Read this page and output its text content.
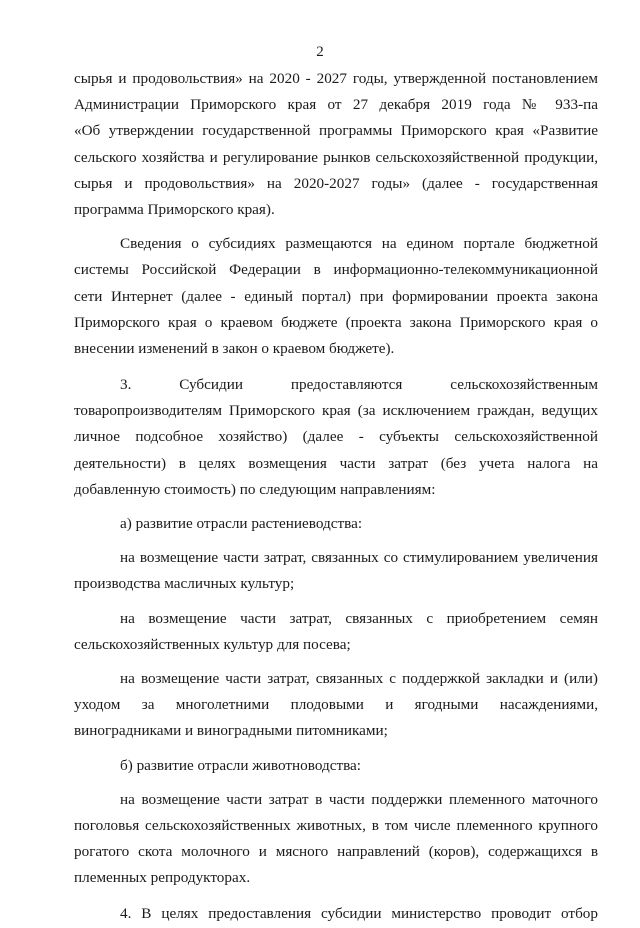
2
сырья и продовольствия» на 2020 - 2027 годы, утвержденной постановлением
Администрации Приморского края от 27 декабря 2019 года № 933-па
«Об утверждении государственной программы Приморского края «Развитие
сельского хозяйства и регулирование рынков сельскохозяйственной продукции,
сырья и продовольствия» на 2020-2027 годы» (далее - государственная
программа Приморского края).
Сведения о субсидиях размещаются на едином портале бюджетной
системы Российской Федерации в информационно-телекоммуникационной
сети Интернет (далее - единый портал) при формировании проекта закона
Приморского края о краевом бюджете (проекта закона Приморского края о
внесении изменений в закон о краевом бюджете).
3. Субсидии предоставляются сельскохозяйственным
товаропроизводителям Приморского края (за исключением граждан, ведущих
личное подсобное хозяйство) (далее - субъекты сельскохозяйственной
деятельности) в целях возмещения части затрат (без учета налога на
добавленную стоимость) по следующим направлениям:
а) развитие отрасли растениеводства:
на возмещение части затрат, связанных со стимулированием увеличения
производства масличных культур;
на возмещение части затрат, связанных с приобретением семян
сельскохозяйственных культур для посева;
на возмещение части затрат, связанных с поддержкой закладки и (или)
уходом за многолетними плодовыми и ягодными насаждениями,
виноградниками и виноградными питомниками;
б) развитие отрасли животноводства:
на возмещение части затрат в части поддержки племенного маточного
поголовья сельскохозяйственных животных, в том числе племенного крупного
рогатого скота молочного и мясного направлений (коров), содержащихся в
племенных репродукторах.
4. В целях предоставления субсидии министерство проводит отбор
